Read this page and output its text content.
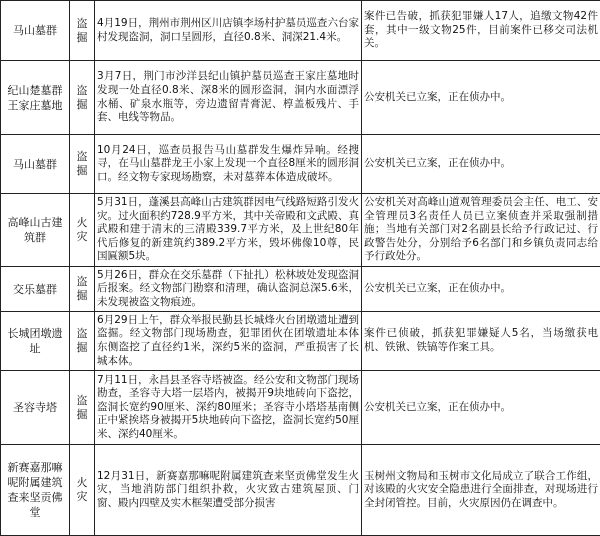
马山墓群	盗掘	4月19日，荆州市荆州区川店镇李场村护墓员巡查六台家村发现盗洞，洞口呈圆形，直径0.8米、洞深21.4米。	案件已告破，抓获犯罪嫌人17人，追缴文物42件套，其中一级文物25件，目前案件已移交司法机关。
纪山楚墓群王家庄墓地	盗掘	3月7日，荆门市沙洋县纪山镇护墓员巡查王家庄墓地时发现一处直径0.8米、深8米的圆形盗洞，洞内水面漂浮水桶、矿泉水瓶等，旁边遗留青膏泥、椁盖板残片、手套、电线等物品。	公安机关已立案，正在侦办中。
马山墓群	盗掘	10月24日，巡查员报告马山墓群发生爆炸异响。经搜寻，在马山墓群龙王小家上发现一个直径8厘米的圆形洞口。经文物专家现场勘察，未对墓葬本体造成破坏。	公安机关已立案，正在侦办中。
高峰山古建筑群	火灾	5月31日，蓬溪县高峰山古建筑群因电气线路短路引发火灾。过火面积约728.9平方米，其中关帝殿和文武殿、真武殿和建于清末的三清殿339.7平方米，及上世纪80年代后修复的新建筑约389.2平方米，毁坏佛像10尊，民国匾额5块。	公安机关对高峰山道观管理委员会主任、电工、安全管理员3名责任人员已立案侦查并采取强制措施；当地有关部门对2名副县长给予行政记过、行政警告处分，分别给予6名部门和乡镇负责同志给予行政处分。
交乐墓群	盗掘	5月26日，群众在交乐墓群（下扯扎）松林坡处发现盗洞后报案。经文物部门勘察和清理，确认盗洞总深5.6米，未发现被盗文物痕迹。	公安机关已立案，正在侦办中。
长城团墩遗址	盗掘	6月29日上午，群众举报民勤县长城烽火台团墩遗址遭到盗掘。经文物部门现场勘查，犯罪团伙在团墩遗址本体东侧盗挖了直径约1米，深约5米的盗洞，严重损害了长城本体。	案件已侦破，抓获犯罪嫌疑人5名，当场缴获电机、铁锹、铁镐等作案工具。
圣容寺塔	盗掘	7月11日，永昌县圣容寺塔被盗。经公安和文物部门现场勘查，圣容寺大塔一层塔内，被揭开9块地砖向下盗挖，盗洞长宽约90厘米、深约80厘米；圣容寺小塔塔基南侧正中紧挨塔身被揭开5块地砖向下盗挖，盗洞长宽约50厘米、深约40厘米。	公安机关已立案，正在侦办中。
新赛嘉那嘛呢附属建筑查来坚贡佛堂	火灾	12月31日，新赛嘉那嘛呢附属建筑查来坚贡佛堂发生火灾，当地消防部门组织扑救，火灾致古建筑屋顶、门窗、殿内四壁及实木框架遭受部分损害	玉树州文物局和玉树市文化局成立了联合工作组，对该殿的火灾安全隐患进行全面排查，对现场进行全封闭管控。目前，火灾原因仍在调查中。
